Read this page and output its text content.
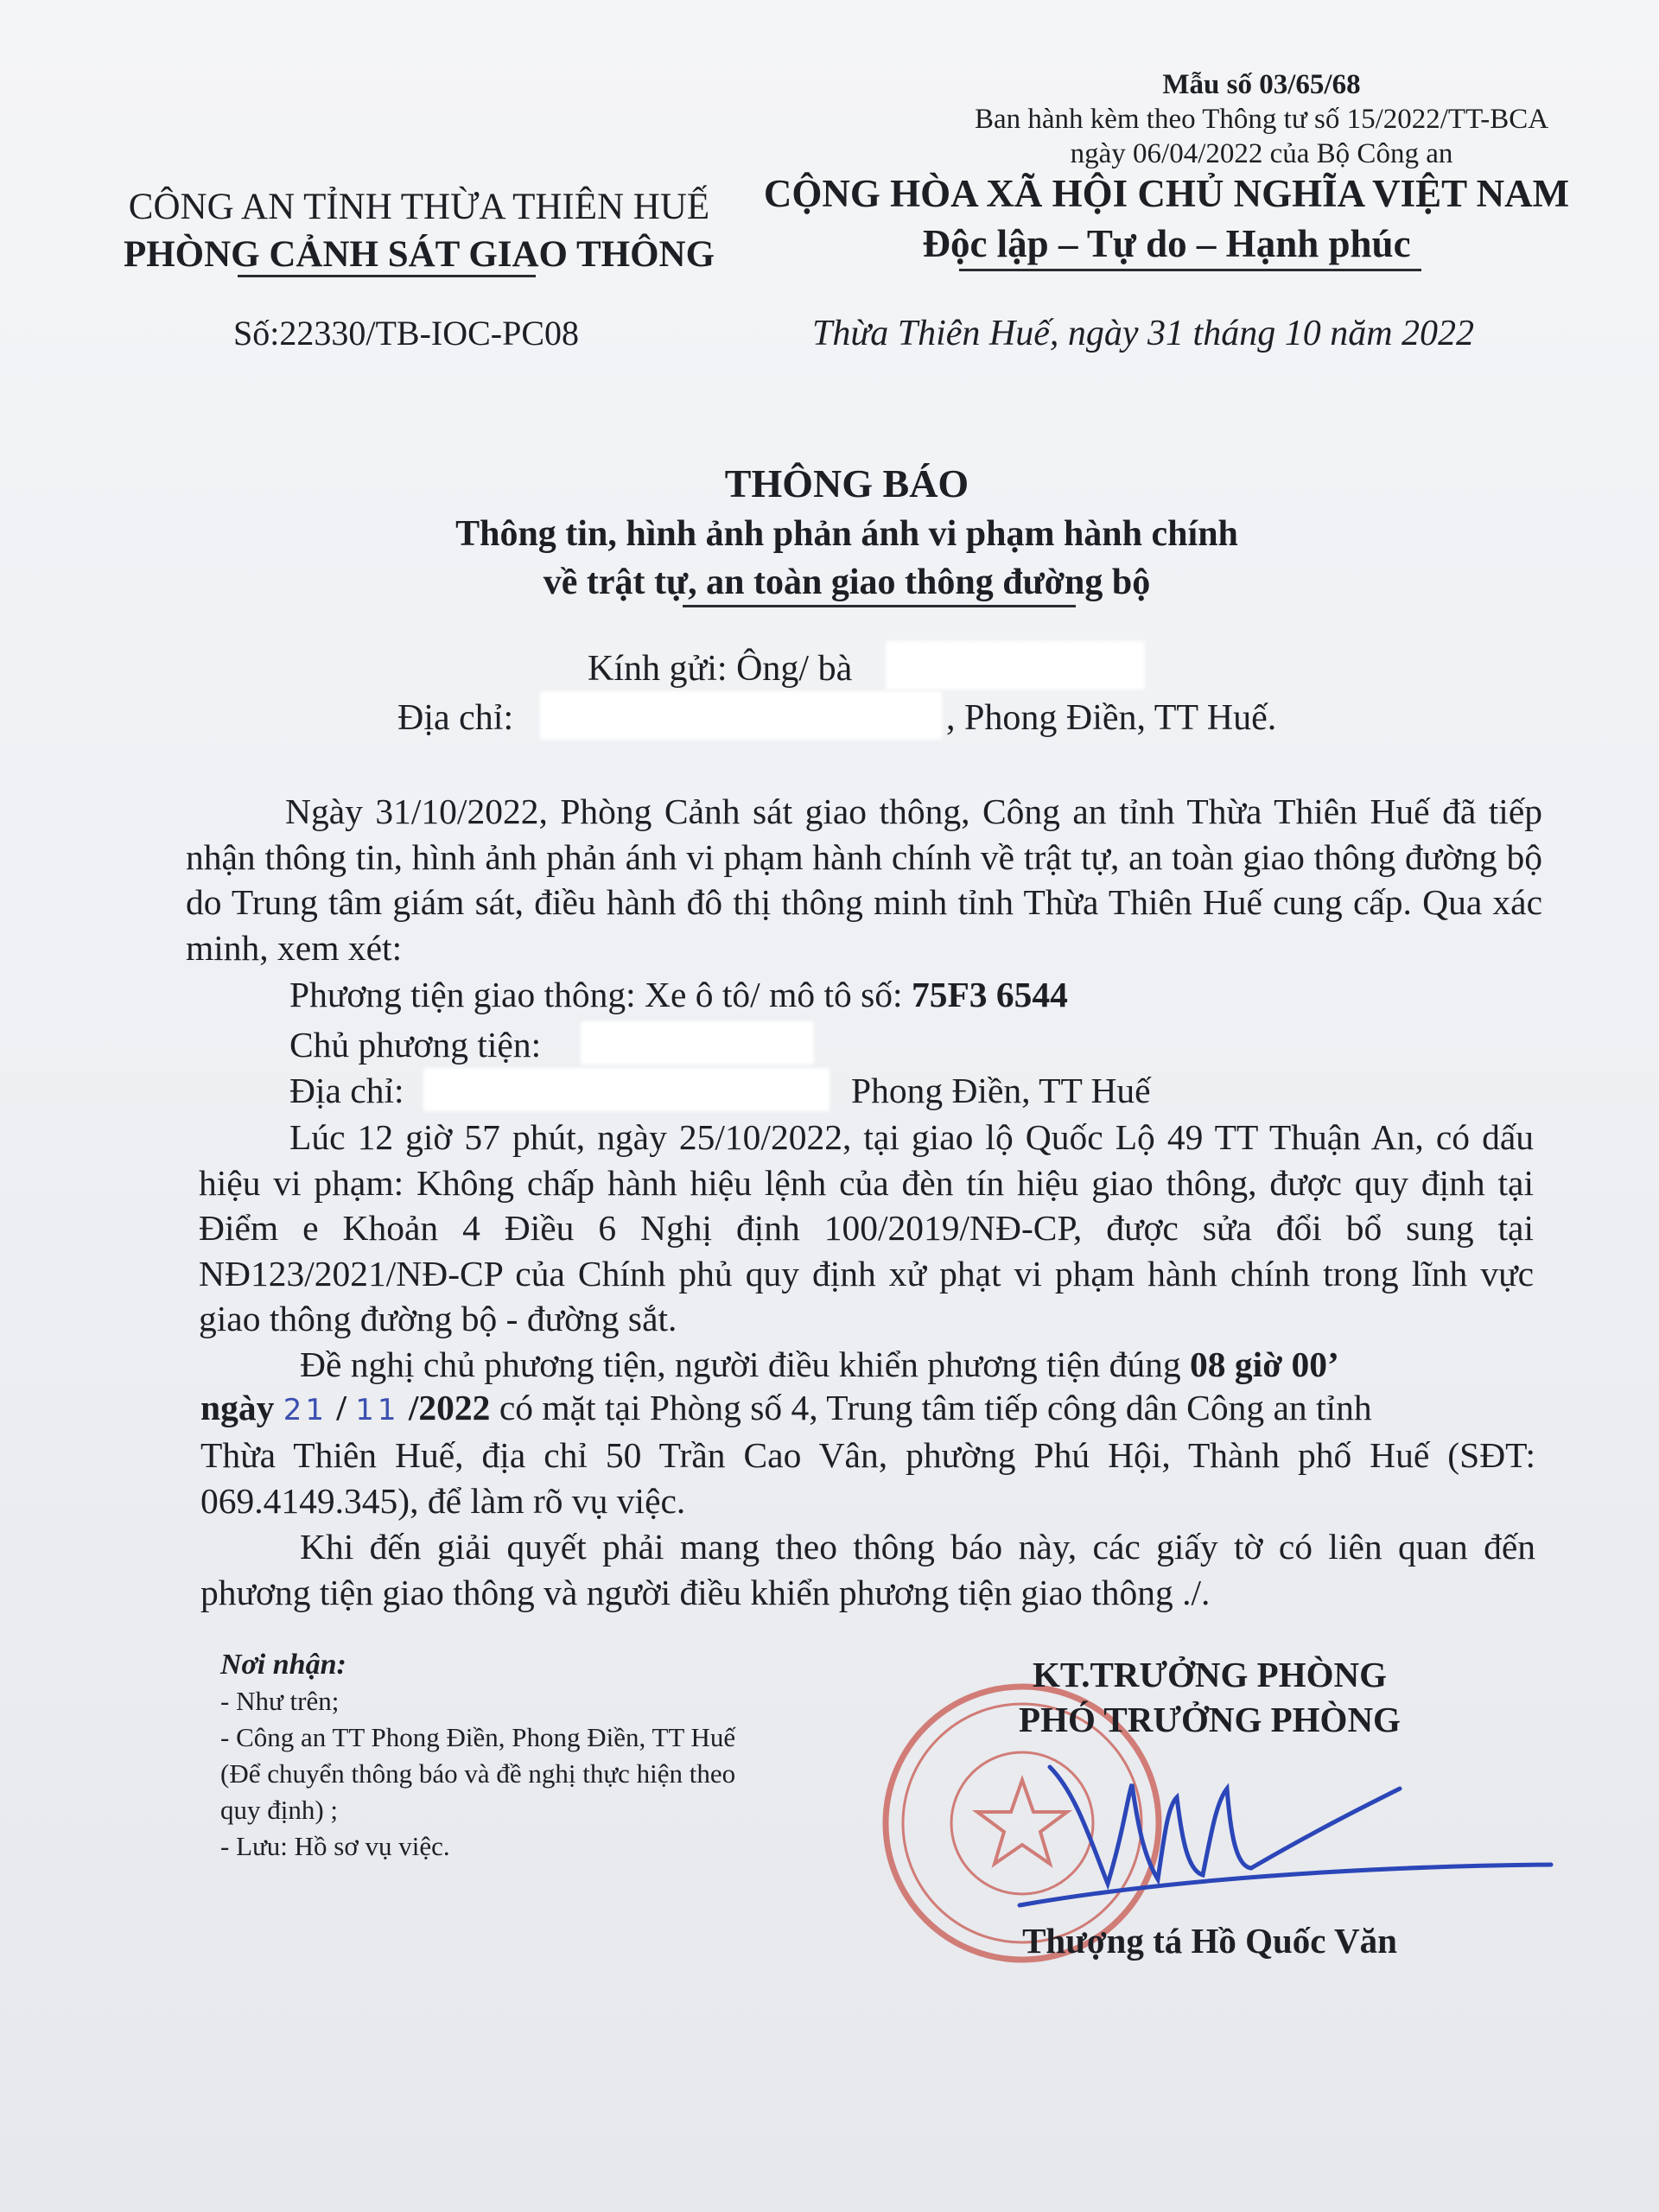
Mẫu số 03/65/68
Ban hành kèm theo Thông tư số 15/2022/TT-BCA
ngày 06/04/2022 của Bộ Công an
CÔNG AN TỈNH THỪA THIÊN HUẾ
PHÒNG CẢNH SÁT GIAO THÔNG
CỘNG HÒA XÃ HỘI CHỦ NGHĨA VIỆT NAM
Độc lập – Tự do – Hạnh phúc
Số:22330/TB-IOC-PC08	Thừa Thiên Huế, ngày 31 tháng 10 năm 2022
THÔNG BÁO
Thông tin, hình ảnh phản ánh vi phạm hành chính
về trật tự, an toàn giao thông đường bộ
Kính gửi: Ông/ bà
Địa chỉ:	, Phong Điền, TT Huế.
Ngày 31/10/2022, Phòng Cảnh sát giao thông, Công an tỉnh Thừa Thiên Huế đã tiếp nhận thông tin, hình ảnh phản ánh vi phạm hành chính về trật tự, an toàn giao thông đường bộ do Trung tâm giám sát, điều hành đô thị thông minh tỉnh Thừa Thiên Huế cung cấp. Qua xác minh, xem xét:
Phương tiện giao thông: Xe ô tô/ mô tô số: 75F3 6544
Chủ phương tiện:
Địa chỉ:	Phong Điền, TT Huế
Lúc 12 giờ 57 phút, ngày 25/10/2022, tại giao lộ Quốc Lộ 49 TT Thuận An, có dấu hiệu vi phạm: Không chấp hành hiệu lệnh của đèn tín hiệu giao thông, được quy định tại Điểm e Khoản 4 Điều 6 Nghị định 100/2019/NĐ-CP, được sửa đổi bổ sung tại NĐ123/2021/NĐ-CP của Chính phủ quy định xử phạt vi phạm hành chính trong lĩnh vực giao thông đường bộ - đường sắt.
Đề nghị chủ phương tiện, người điều khiển phương tiện đúng 08 giờ 00’
ngày 21 / 11 /2022 có mặt tại Phòng số 4, Trung tâm tiếp công dân Công an tỉnh
Thừa Thiên Huế, địa chỉ 50 Trần Cao Vân, phường Phú Hội, Thành phố Huế (SĐT: 069.4149.345), để làm rõ vụ việc.
Khi đến giải quyết phải mang theo thông báo này, các giấy tờ có liên quan đến phương tiện giao thông và người điều khiển phương tiện giao thông ./.
Nơi nhận:
- Như trên;
- Công an TT Phong Điền, Phong Điền, TT Huế
(Để chuyển thông báo và đề nghị thực hiện theo
quy định) ;
- Lưu: Hồ sơ vụ việc.
KT.TRƯỞNG PHÒNG
PHÓ TRƯỞNG PHÒNG
Thượng tá Hồ Quốc Văn
